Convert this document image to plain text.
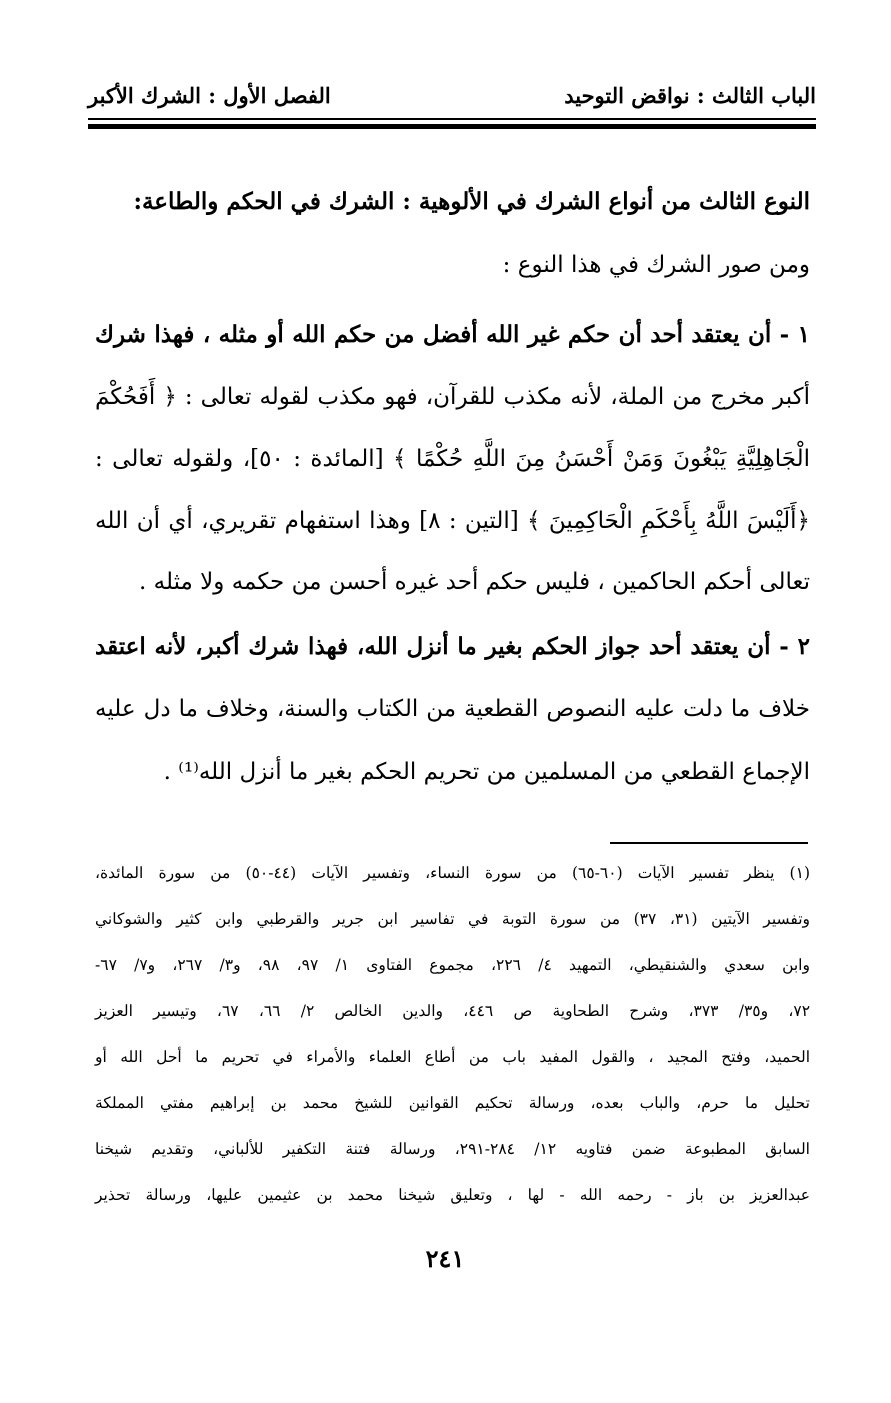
الباب الثالث : نواقض التوحيد
الفصل الأول : الشرك الأكبر
النوع الثالث من أنواع الشرك في الألوهية : الشرك في الحكم والطاعة:
ومن صور الشرك في هذا النوع :
١ - أن يعتقد أحد أن حكم غير الله أفضل من حكم الله أو مثله ، فهذا شرك
أكبر مخرج من الملة، لأنه مكذب للقرآن، فهو مكذب لقوله تعالى : ﴿ أَفَحُكْمَ
الْجَاهِلِيَّةِ يَبْغُونَ وَمَنْ أَحْسَنُ مِنَ اللَّهِ حُكْمًا ﴾ [المائدة : ٥٠]، ولقوله تعالى :
﴿أَلَيْسَ اللَّهُ بِأَحْكَمِ الْحَاكِمِينَ ﴾ [التين : ٨] وهذا استفهام تقريري، أي أن الله
تعالى أحكم الحاكمين ، فليس حكم أحد غيره أحسن من حكمه ولا مثله .
٢ - أن يعتقد أحد جواز الحكم بغير ما أنزل الله، فهذا شرك أكبر، لأنه اعتقد
خلاف ما دلت عليه النصوص القطعية من الكتاب والسنة، وخلاف ما دل عليه
الإجماع القطعي من المسلمين من تحريم الحكم بغير ما أنزل الله⁽¹⁾ .
(١) ينظر تفسير الآيات (٦٠-٦٥) من سورة النساء، وتفسير الآيات (٤٤-٥٠) من سورة المائدة،
وتفسير الآيتين (٣١، ٣٧) من سورة التوبة في تفاسير ابن جرير والقرطبي وابن كثير والشوكاني
وابن سعدي والشنقيطي، التمهيد ٤/ ٢٢٦، مجموع الفتاوى ١/ ٩٧، ٩٨، و٣/ ٢٦٧، و٧/ ٦٧-
٧٢، و٣٥/ ٣٧٣، وشرح الطحاوية ص ٤٤٦، والدين الخالص ٢/ ٦٦، ٦٧، وتيسير العزيز
الحميد، وفتح المجيد ، والقول المفيد باب من أطاع العلماء والأمراء في تحريم ما أحل الله أو
تحليل ما حرم، والباب بعده، ورسالة تحكيم القوانين للشيخ محمد بن إبراهيم مفتي المملكة
السابق المطبوعة ضمن فتاويه ١٢/ ٢٨٤-٢٩١، ورسالة فتنة التكفير للألباني، وتقديم شيخنا
عبدالعزيز بن باز - رحمه الله - لها ، وتعليق شيخنا محمد بن عثيمين عليها، ورسالة تحذير
٢٤١
